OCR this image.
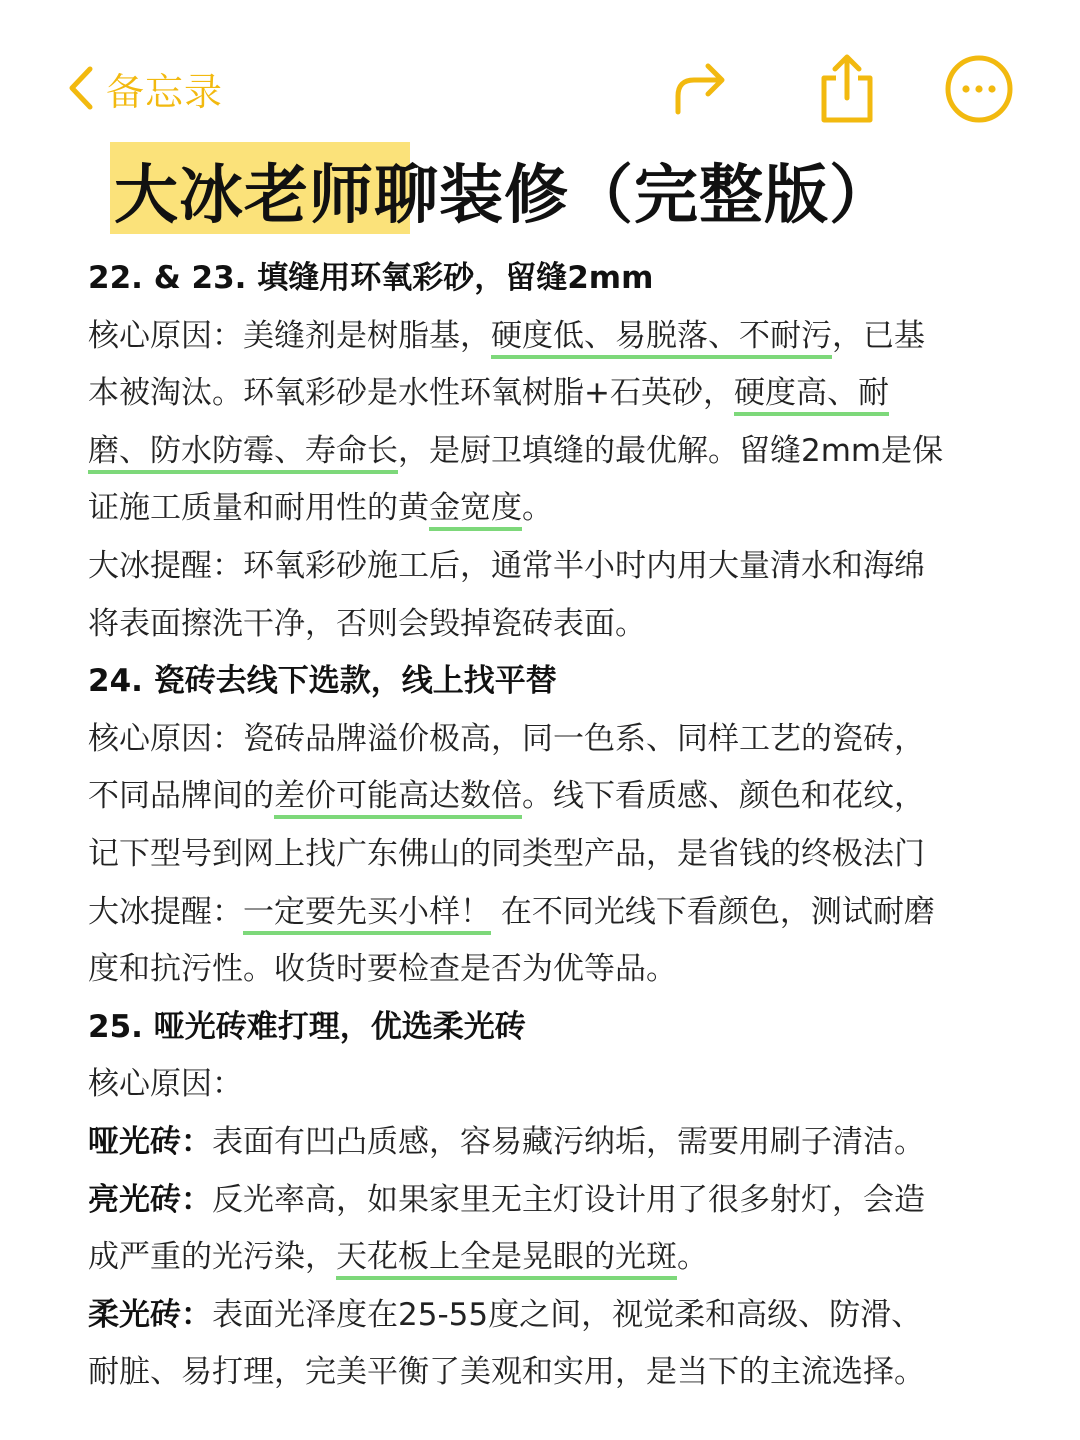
备忘录
大冰老师聊装修（完整版）
22. & 23. 填缝用环氧彩砂，留缝2mm
核心原因：美缝剂是树脂基，硬度低、易脱落、不耐污，已基
本被淘汰。环氧彩砂是水性环氧树脂+石英砂，硬度高、耐
磨、防水防霉、寿命长，是厨卫填缝的最优解。留缝2mm是保
证施工质量和耐用性的黄金宽度。
大冰提醒：环氧彩砂施工后，通常半小时内用大量清水和海绵
将表面擦洗干净，否则会毁掉瓷砖表面。
24. 瓷砖去线下选款，线上找平替
核心原因：瓷砖品牌溢价极高，同一色系、同样工艺的瓷砖，
不同品牌间的差价可能高达数倍。线下看质感、颜色和花纹，
记下型号到网上找广东佛山的同类型产品，是省钱的终极法门
大冰提醒：一定要先买小样！ 在不同光线下看颜色，测试耐磨
度和抗污性。收货时要检查是否为优等品。
25. 哑光砖难打理，优选柔光砖
核心原因：
哑光砖：表面有凹凸质感，容易藏污纳垢，需要用刷子清洁。
亮光砖：反光率高，如果家里无主灯设计用了很多射灯，会造
成严重的光污染，天花板上全是晃眼的光斑。
柔光砖：表面光泽度在25-55度之间，视觉柔和高级、防滑、
耐脏、易打理，完美平衡了美观和实用，是当下的主流选择。
